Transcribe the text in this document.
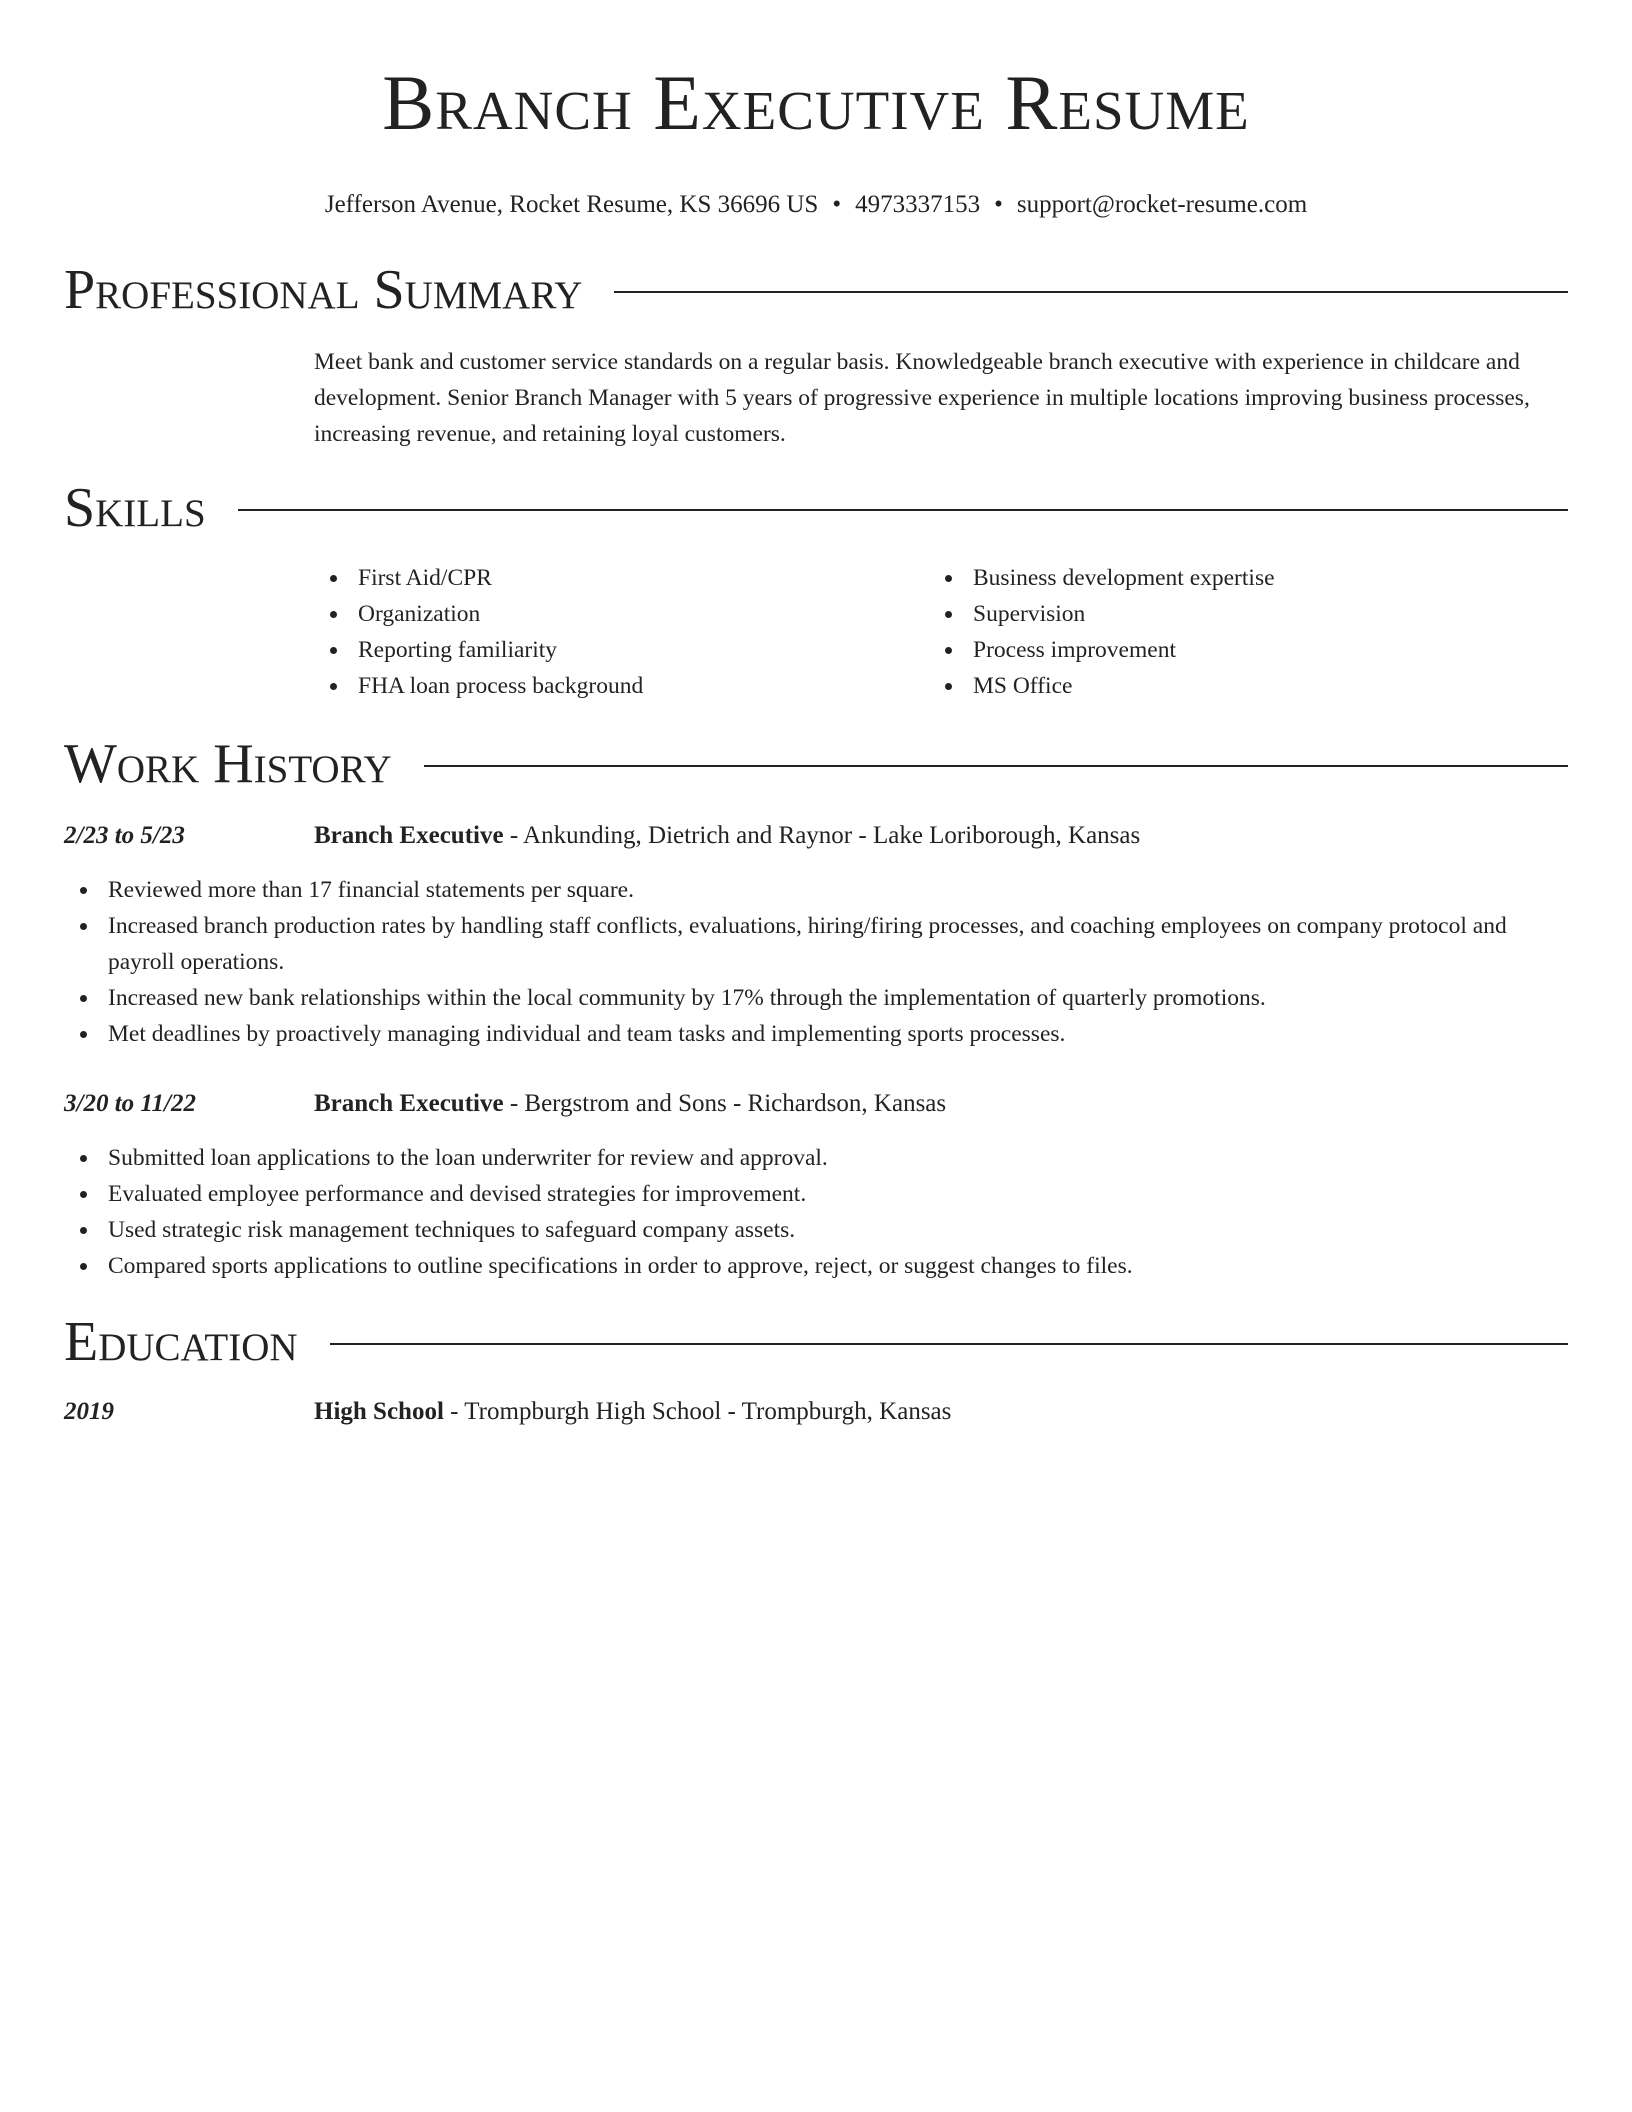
Branch Executive Resume
Jefferson Avenue, Rocket Resume, KS 36696 US • 4973337153 • support@rocket-resume.com
Professional Summary
Meet bank and customer service standards on a regular basis. Knowledgeable branch executive with experience in childcare and development. Senior Branch Manager with 5 years of progressive experience in multiple locations improving business processes, increasing revenue, and retaining loyal customers.
Skills
First Aid/CPR
Organization
Reporting familiarity
FHA loan process background
Business development expertise
Supervision
Process improvement
MS Office
Work History
2/23 to 5/23	Branch Executive - Ankunding, Dietrich and Raynor - Lake Loriborough, Kansas
Reviewed more than 17 financial statements per square.
Increased branch production rates by handling staff conflicts, evaluations, hiring/firing processes, and coaching employees on company protocol and payroll operations.
Increased new bank relationships within the local community by 17% through the implementation of quarterly promotions.
Met deadlines by proactively managing individual and team tasks and implementing sports processes.
3/20 to 11/22	Branch Executive - Bergstrom and Sons - Richardson, Kansas
Submitted loan applications to the loan underwriter for review and approval.
Evaluated employee performance and devised strategies for improvement.
Used strategic risk management techniques to safeguard company assets.
Compared sports applications to outline specifications in order to approve, reject, or suggest changes to files.
Education
2019	High School - Trompburgh High School - Trompburgh, Kansas
